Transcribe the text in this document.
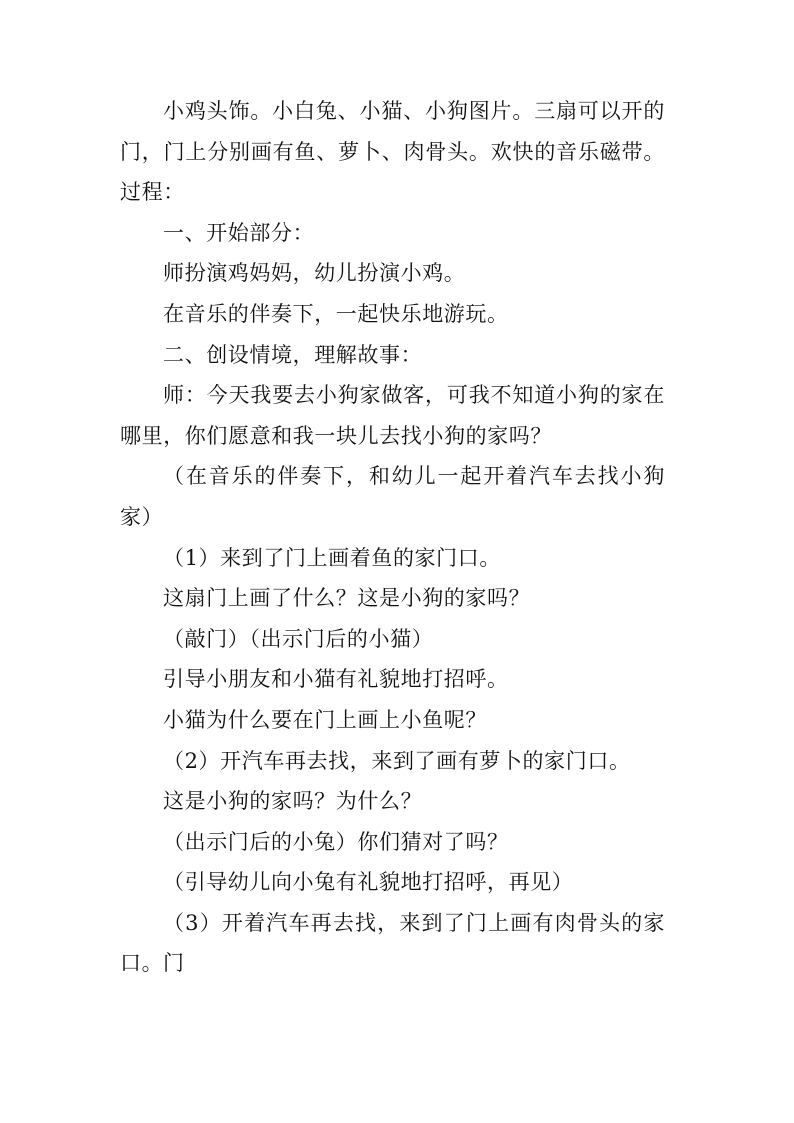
小鸡头饰。小白兔、小猫、小狗图片。三扇可以开的
门，门上分别画有鱼、萝卜、肉骨头。欢快的音乐磁带。
过程：
一、开始部分：
师扮演鸡妈妈，幼儿扮演小鸡。
在音乐的伴奏下，一起快乐地游玩。
二、创设情境，理解故事：
师：今天我要去小狗家做客，可我不知道小狗的家在
哪里，你们愿意和我一块儿去找小狗的家吗？
（在音乐的伴奏下，和幼儿一起开着汽车去找小狗
家）
（1）来到了门上画着鱼的家门口。
这扇门上画了什么？这是小狗的家吗？
（敲门）（出示门后的小猫）
引导小朋友和小猫有礼貌地打招呼。
小猫为什么要在门上画上小鱼呢？
（2）开汽车再去找，来到了画有萝卜的家门口。
这是小狗的家吗？为什么？
（出示门后的小兔）你们猜对了吗？
（引导幼儿向小兔有礼貌地打招呼，再见）
（3）开着汽车再去找，来到了门上画有肉骨头的家门
口。
